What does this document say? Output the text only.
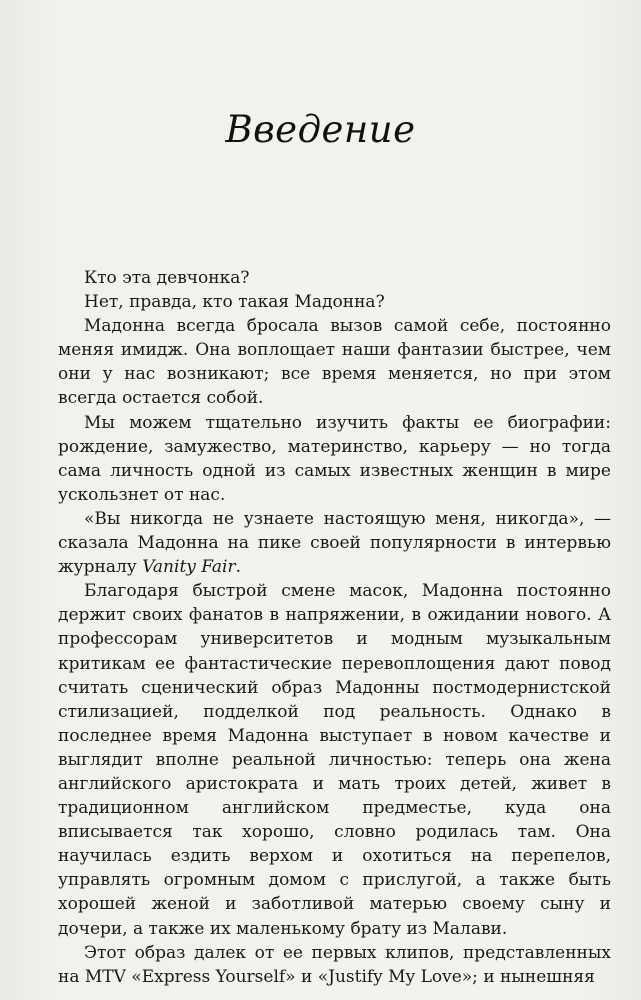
Введение

Кто эта девчонка?

Нет, правда, кто такая Мадонна?

Мадонна всегда бросала вызов самой себе, постоянно меняя имидж. Она воплощает наши фантазии быстрее, чем они у нас возникают; все время меняется, но при этом всегда остается собой.

Мы можем тщательно изучить факты ее биографии: рождение, замужество, материнство, карьеру — но тогда сама личность одной из самых известных женщин в мире ускользнет от нас.

«Вы никогда не узнаете настоящую меня, никогда», — сказала Мадонна на пике своей популярности в интервью журналу Vanity Fair.

Благодаря быстрой смене масок, Мадонна постоянно держит своих фанатов в напряжении, в ожидании нового. А профессорам университетов и модным музыкальным критикам ее фантастические перевоплощения дают повод считать сценический образ Мадонны постмодернистской стилизацией, подделкой под реальность. Однако в последнее время Мадонна выступает в новом качестве и выглядит вполне реальной личностью: теперь она жена английского аристократа и мать троих детей, живет в традиционном английском предместье, куда она вписывается так хорошо, словно родилась там. Она научилась ездить верхом и охотиться на перепелов, управлять огромным домом с прислугой, а также быть хорошей женой и заботливой матерью своему сыну и дочери, а также их маленькому брату из Малави.

Этот образ далек от ее первых клипов, представленных на MTV «Express Yourself» и «Justify My Love»; и нынешняя
